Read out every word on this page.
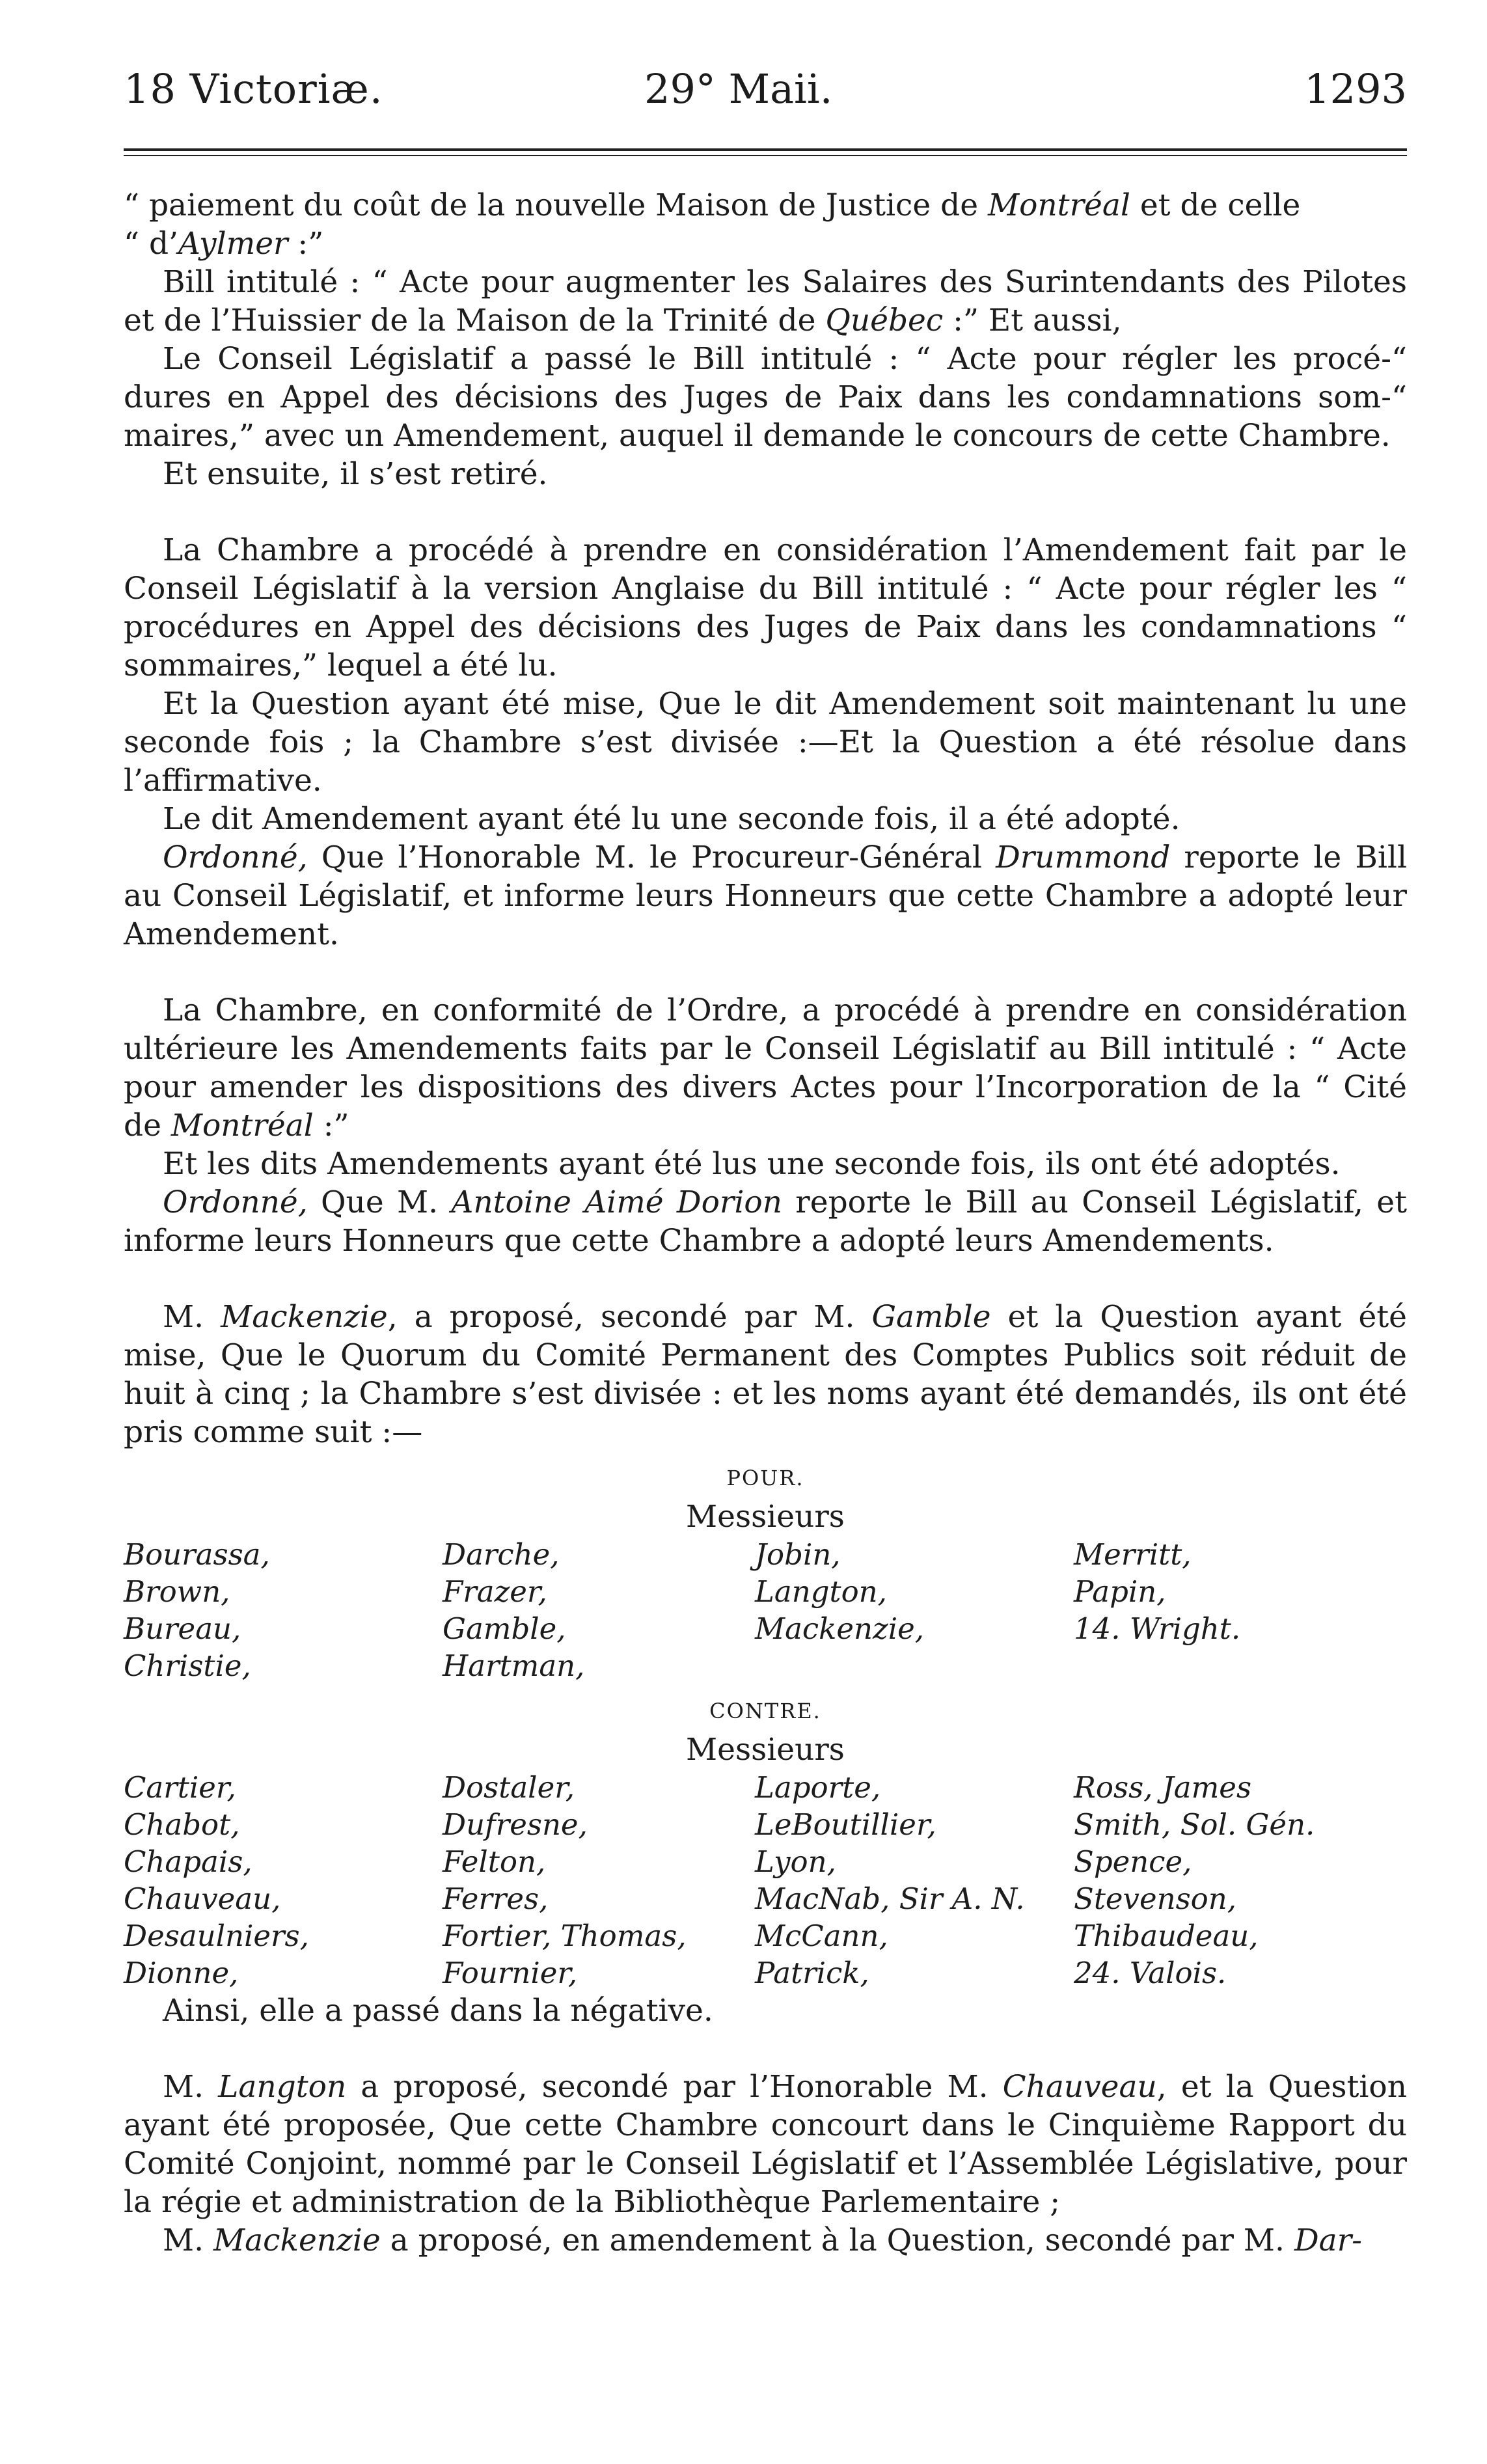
18 Victoriæ.	29° Maii.	1293

“ paiement du coût de la nouvelle Maison de Justice de Montréal et de celle
“ d’Aylmer :”

Bill intitulé : “ Acte pour augmenter les Salaires des Surintendants des Pilotes et de l’Huissier de la Maison de la Trinité de Québec :” Et aussi,

Le Conseil Législatif a passé le Bill intitulé : “ Acte pour régler les procé-“ dures en Appel des décisions des Juges de Paix dans les condamnations som-“ maires,” avec un Amendement, auquel il demande le concours de cette Chambre.

Et ensuite, il s’est retiré.

La Chambre a procédé à prendre en considération l’Amendement fait par le Conseil Législatif à la version Anglaise du Bill intitulé : “ Acte pour régler les “ procédures en Appel des décisions des Juges de Paix dans les condamnations “ sommaires,” lequel a été lu.

Et la Question ayant été mise, Que le dit Amendement soit maintenant lu une seconde fois ; la Chambre s’est divisée :—Et la Question a été résolue dans l’affirmative.

Le dit Amendement ayant été lu une seconde fois, il a été adopté.

Ordonné, Que l’Honorable M. le Procureur-Général Drummond reporte le Bill au Conseil Législatif, et informe leurs Honneurs que cette Chambre a adopté leur Amendement.

La Chambre, en conformité de l’Ordre, a procédé à prendre en considération ultérieure les Amendements faits par le Conseil Législatif au Bill intitulé : “ Acte pour amender les dispositions des divers Actes pour l’Incorporation de la “ Cité de Montréal :”

Et les dits Amendements ayant été lus une seconde fois, ils ont été adoptés.

Ordonné, Que M. Antoine Aimé Dorion reporte le Bill au Conseil Législatif, et informe leurs Honneurs que cette Chambre a adopté leurs Amendements.

M. Mackenzie, a proposé, secondé par M. Gamble et la Question ayant été mise, Que le Quorum du Comité Permanent des Comptes Publics soit réduit de huit à cinq ; la Chambre s’est divisée : et les noms ayant été demandés, ils ont été pris comme suit :—

POUR.
Messieurs
Bourassa,	Darche,	Jobin,	Merritt,
Brown,	Frazer,	Langton,	Papin,
Bureau,	Gamble,	Mackenzie,	14. Wright.
Christie,	Hartman,		
CONTRE.
Messieurs
Cartier,	Dostaler,	Laporte,	Ross, James
Chabot,	Dufresne,	LeBoutillier,	Smith, Sol. Gén.
Chapais,	Felton,	Lyon,	Spence,
Chauveau,	Ferres,	MacNab, Sir A. N.	Stevenson,
Desaulniers,	Fortier, Thomas,	McCann,	Thibaudeau,
Dionne,	Fournier,	Patrick,	24. Valois.

Ainsi, elle a passé dans la négative.

M. Langton a proposé, secondé par l’Honorable M. Chauveau, et la Question ayant été proposée, Que cette Chambre concourt dans le Cinquième Rapport du Comité Conjoint, nommé par le Conseil Législatif et l’Assemblée Législative, pour la régie et administration de la Bibliothèque Parlementaire ;

M. Mackenzie a proposé, en amendement à la Question, secondé par M. Dar-
